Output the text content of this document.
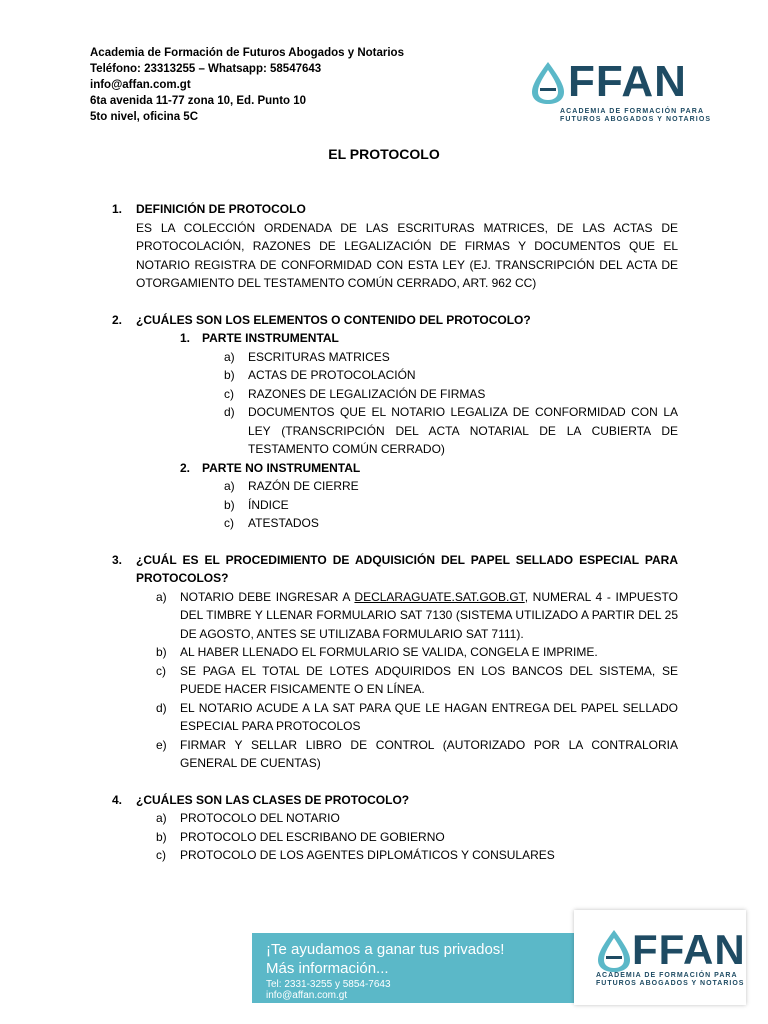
Academia de Formación de Futuros Abogados y Notarios
Teléfono: 23313255 – Whatsapp: 58547643
info@affan.com.gt
6ta avenida 11-77 zona 10, Ed. Punto 10
5to nivel, oficina 5C
FFAN
ACADEMIA DE FORMACIÓN PARA
FUTUROS ABOGADOS Y NOTARIOS
EL PROTOCOLO
1.	DEFINICIÓN DE PROTOCOLO
ES LA COLECCIÓN ORDENADA DE LAS ESCRITURAS MATRICES, DE LAS ACTAS DE PROTOCOLACIÓN, RAZONES DE LEGALIZACIÓN DE FIRMAS Y DOCUMENTOS QUE EL NOTARIO REGISTRA DE CONFORMIDAD CON ESTA LEY (EJ. TRANSCRIPCIÓN DEL ACTA DE OTORGAMIENTO DEL TESTAMENTO COMÚN CERRADO, ART. 962 CC)
2.	¿CUÁLES SON LOS ELEMENTOS O CONTENIDO DEL PROTOCOLO?
1. PARTE INSTRUMENTAL
a)	ESCRITURAS MATRICES
b)	ACTAS DE PROTOCOLACIÓN
c)	RAZONES DE LEGALIZACIÓN DE FIRMAS
d)	DOCUMENTOS QUE EL NOTARIO LEGALIZA DE CONFORMIDAD CON LA LEY (TRANSCRIPCIÓN DEL ACTA NOTARIAL DE LA CUBIERTA DE TESTAMENTO COMÚN CERRADO)
2. PARTE NO INSTRUMENTAL
a)	RAZÓN DE CIERRE
b)	ÍNDICE
c)	ATESTADOS
3.	¿CUÁL ES EL PROCEDIMIENTO DE ADQUISICIÓN DEL PAPEL SELLADO ESPECIAL PARA PROTOCOLOS?
a)	NOTARIO DEBE INGRESAR A DECLARAGUATE.SAT.GOB.GT, NUMERAL 4 - IMPUESTO DEL TIMBRE Y LLENAR FORMULARIO SAT 7130 (SISTEMA UTILIZADO A PARTIR DEL 25 DE AGOSTO, ANTES SE UTILIZABA FORMULARIO SAT 7111).
b)	AL HABER LLENADO EL FORMULARIO SE VALIDA, CONGELA E IMPRIME.
c)	SE PAGA EL TOTAL DE LOTES ADQUIRIDOS EN LOS BANCOS DEL SISTEMA, SE PUEDE HACER FISICAMENTE O EN LÍNEA.
d)	EL NOTARIO ACUDE A LA SAT PARA QUE LE HAGAN ENTREGA DEL PAPEL SELLADO ESPECIAL PARA PROTOCOLOS
e)	FIRMAR Y SELLAR LIBRO DE CONTROL (AUTORIZADO POR LA CONTRALORIA GENERAL DE CUENTAS)
4.	¿CUÁLES SON LAS CLASES DE PROTOCOLO?
a)	PROTOCOLO DEL NOTARIO
b)	PROTOCOLO DEL ESCRIBANO DE GOBIERNO
c)	PROTOCOLO DE LOS AGENTES DIPLOMÁTICOS Y CONSULARES
¡Te ayudamos a ganar tus privados!
Más información...
Tel: 2331-3255 y 5854-7643
info@affan.com.gt
FFAN
ACADEMIA DE FORMACIÓN PARA
FUTUROS ABOGADOS Y NOTARIOS
